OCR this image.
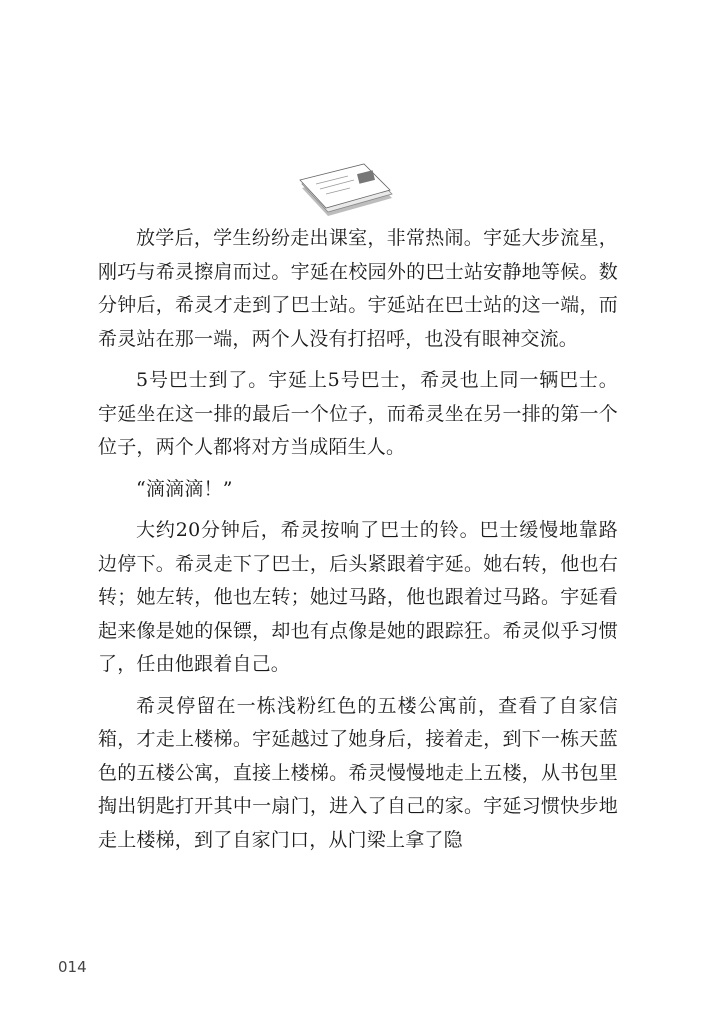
放学后，学生纷纷走出课室，非常热闹。宇延大步流星，刚巧与希灵擦肩而过。宇延在校园外的巴士站安静地等候。数分钟后，希灵才走到了巴士站。宇延站在巴士站的这一端，而希灵站在那一端，两个人没有打招呼，也没有眼神交流。

5号巴士到了。宇延上5号巴士，希灵也上同一辆巴士。宇延坐在这一排的最后一个位子，而希灵坐在另一排的第一个位子，两个人都将对方当成陌生人。

“滴滴滴！”

大约20分钟后，希灵按响了巴士的铃。巴士缓慢地靠路边停下。希灵走下了巴士，后头紧跟着宇延。她右转，他也右转；她左转，他也左转；她过马路，他也跟着过马路。宇延看起来像是她的保镖，却也有点像是她的跟踪狂。希灵似乎习惯了，任由他跟着自己。

希灵停留在一栋浅粉红色的五楼公寓前，查看了自家信箱，才走上楼梯。宇延越过了她身后，接着走，到下一栋天蓝色的五楼公寓，直接上楼梯。希灵慢慢地走上五楼，从书包里掏出钥匙打开其中一扇门，进入了自己的家。宇延习惯快步地走上楼梯，到了自家门口，从门梁上拿了隐

014
